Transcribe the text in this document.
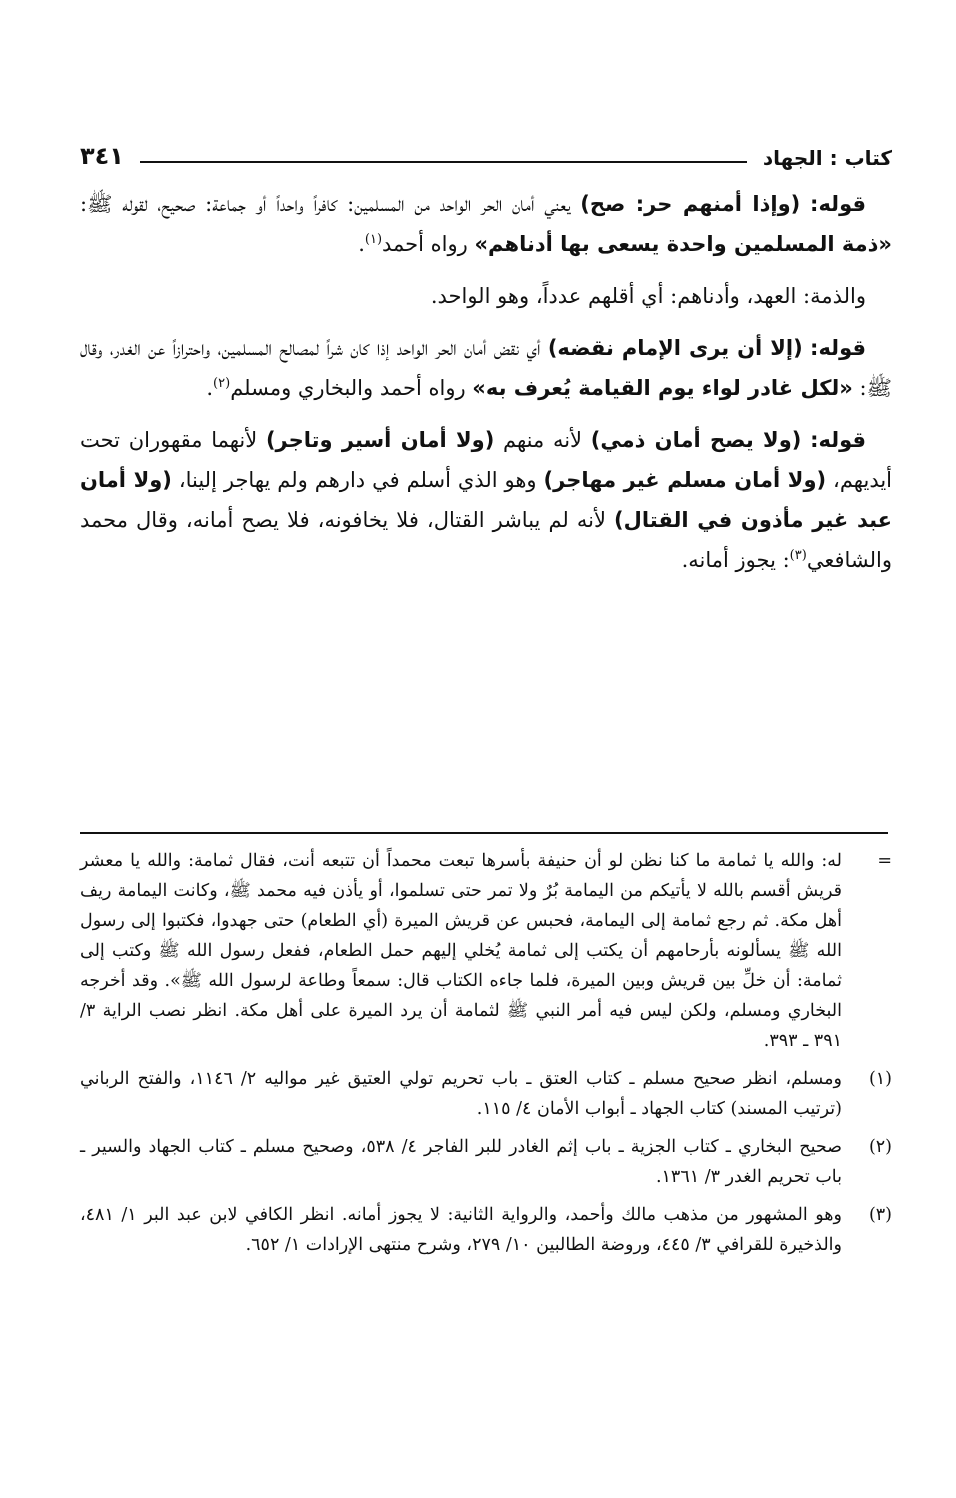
كتاب : الجهاد
٣٤١

قوله: (وإذا أمنهم حر: صح) يعني أمان الحر الواحد من المسلمين: كافراً واحداً أو جماعة: صحيح، لقوله ﷺ: «ذمة المسلمين واحدة يسعى بها أدناهم» رواه أحمد$^{(١)}$.

والذمة: العهد، وأدناهم: أي أقلهم عدداً، وهو الواحد.

قوله: (إلا أن يرى الإمام نقضه) أي نقض أمان الحر الواحد إذا كان شراً لمصالح المسلمين، واحترازاً عن الغدر، وقال ﷺ: «لكل غادر لواء يوم القيامة يُعرف به» رواه أحمد والبخاري ومسلم$^{(٢)}$.

قوله: (ولا يصح أمان ذمي) لأنه منهم (ولا أمان أسير وتاجر) لأنهما مقهوران تحت أيديهم، (ولا أمان مسلم غير مهاجر) وهو الذي أسلم في دارهم ولم يهاجر إلينا، (ولا أمان عبد غير مأذون في القتال) لأنه لم يباشر القتال، فلا يخافونه، فلا يصح أمانه، وقال محمد والشافعي$^{(٣)}$: يجوز أمانه.

=
له: والله يا ثمامة ما كنا نظن لو أن حنيفة بأسرها تبعت محمداً أن تتبعه أنت، فقال ثمامة: والله يا معشر قريش أقسم بالله لا يأتيكم من اليمامة بُرٌ ولا تمر حتى تسلموا، أو يأذن فيه محمد ﷺ، وكانت اليمامة ريف أهل مكة. ثم رجع ثمامة إلى اليمامة، فحبس عن قريش الميرة (أي الطعام) حتى جهدوا، فكتبوا إلى رسول الله ﷺ يسألونه بأرحامهم أن يكتب إلى ثمامة يُخلي إليهم حمل الطعام، ففعل رسول الله ﷺ وكتب إلى ثمامة: أن خلِّ بين قريش وبين الميرة، فلما جاءه الكتاب قال: سمعاً وطاعة لرسول الله ﷺ». وقد أخرجه البخاري ومسلم، ولكن ليس فيه أمر النبي ﷺ لثمامة أن يرد الميرة على أهل مكة. انظر نصب الراية ٣/ ٣٩١ ـ ٣٩٣.
(١)
ومسلم، انظر صحيح مسلم ـ كتاب العتق ـ باب تحريم تولي العتيق غير مواليه ٢/ ١١٤٦، والفتح الرباني (ترتيب المسند) كتاب الجهاد ـ أبواب الأمان ٤/ ١١٥.
(٢)
صحيح البخاري ـ كتاب الجزية ـ باب إثم الغادر للبر الفاجر ٤/ ٥٣٨، وصحيح مسلم ـ كتاب الجهاد والسير ـ باب تحريم الغدر ٣/ ١٣٦١.
(٣)
وهو المشهور من مذهب مالك وأحمد، والرواية الثانية: لا يجوز أمانه. انظر الكافي لابن عبد البر ١/ ٤٨١، والذخيرة للقرافي ٣/ ٤٤٥، وروضة الطالبين ١٠/ ٢٧٩، وشرح منتهى الإرادات ١/ ٦٥٢.
